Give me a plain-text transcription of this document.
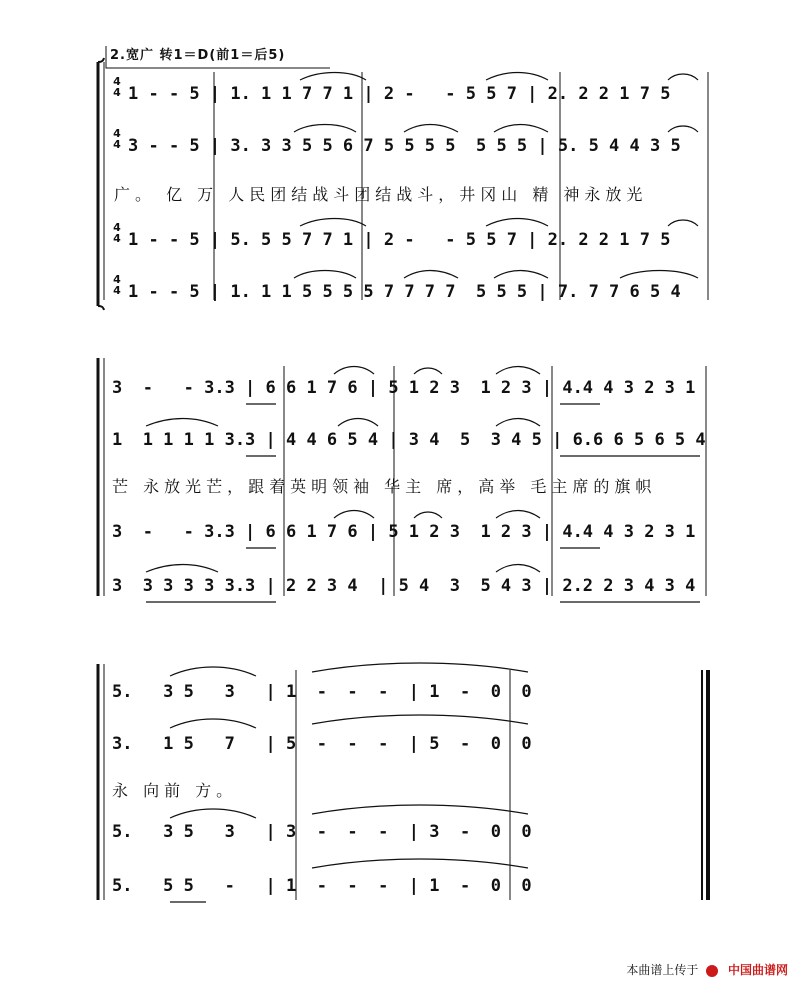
2.宽广 转1＝D(前1＝后5)
4
4
4
4
4
4
4
4
1 - - 5 | 1. 1 1 7 7 1 | 2 -   - 5 5 7 | 2. 2 2 1 7 5
3 - - 5 | 3. 3 3 5 5 6 7 5 5 5 5  5 5 5 | 5. 5 4 4 3 5
广。 亿 万 人民团结战斗团结战斗，井冈山 精 神永放光
1 - - 5 | 5. 5 5 7 7 1 | 2 -   - 5 5 7 | 2. 2 2 1 7 5
1 - - 5 | 1. 1 1 5 5 5 5 7 7 7 7  5 5 5 | 7. 7 7 6 5 4
3  -   - 3.3 | 6 6 1 7 6 | 5 1 2 3  1 2 3 | 4.4 4 3 2 3 1
1  1 1 1 1 3.3 | 4 4 6 5 4 | 3 4  5  3 4 5 | 6.6 6 5 6 5 4
芒 永放光芒，跟着英明领袖 华主 席，高举 毛主席的旗帜
3  -   - 3.3 | 6 6 1 7 6 | 5 1 2 3  1 2 3 | 4.4 4 3 2 3 1
3  3 3 3 3 3.3 | 2 2 3 4  | 5 4  3  5 4 3 | 2.2 2 3 4 3 4
5.   3 5   3   | 1  -  -  -  | 1  -  0  0
3.   1 5   7   | 5  -  -  -  | 5  -  0  0
永 向前 方。
5.   3 5   3   | 3  -  -  -  | 3  -  0  0
5.   5 5   -   | 1  -  -  -  | 1  -  0  0
本曲谱上传于 中国曲谱网
